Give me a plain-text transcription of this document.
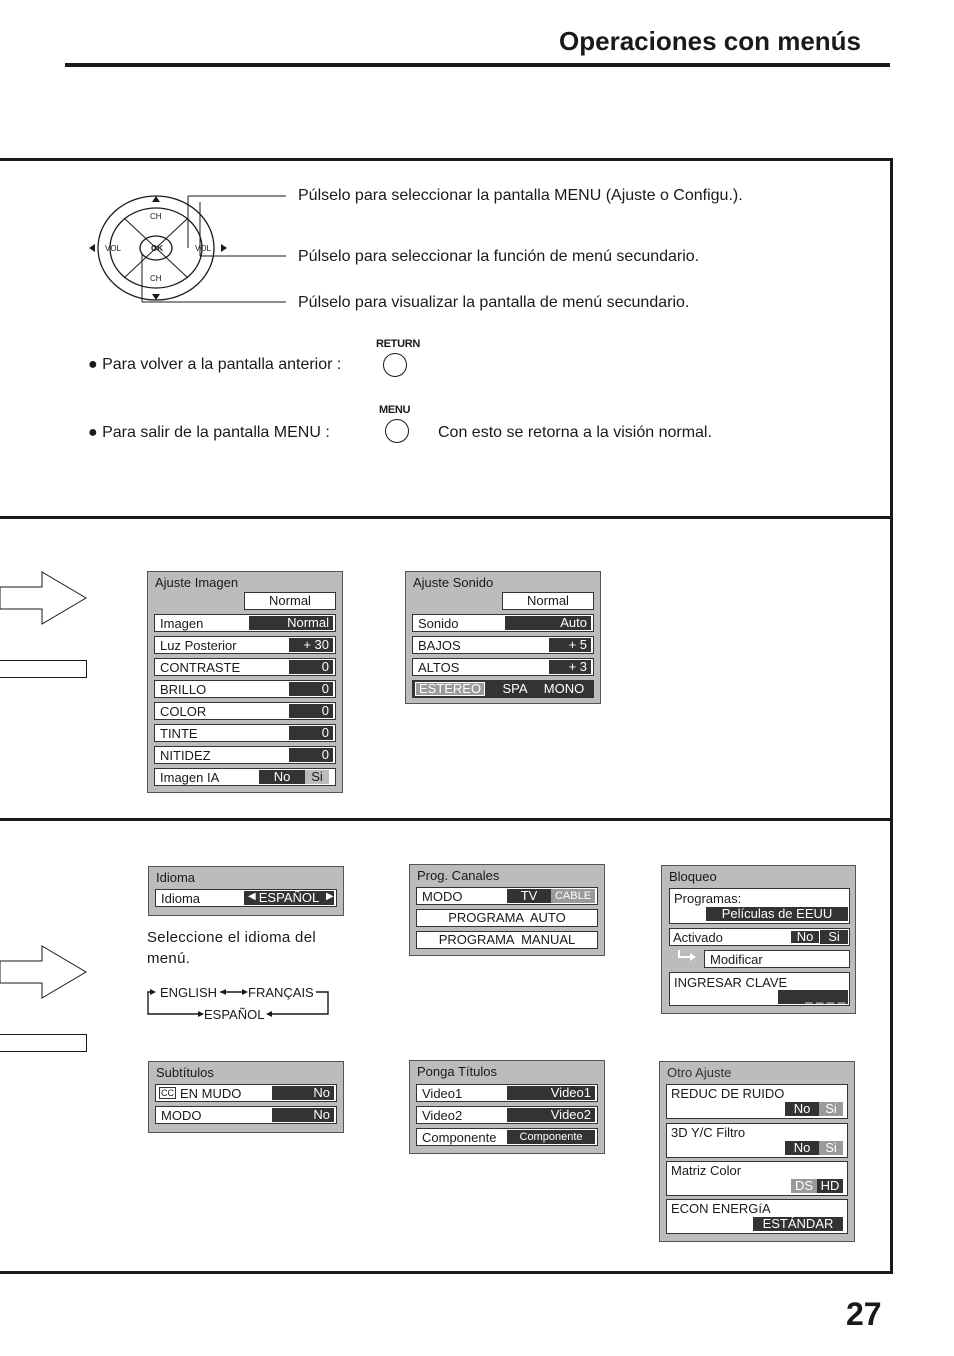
Operaciones con menús
CH
CH
VOL	VOL
OK
Púlselo para seleccionar la pantalla MENU (Ajuste o Configu.).
Púlselo para seleccionar la función de menú secundario.
Púlselo para visualizar la pantalla de menú secundario.
● Para volver a la pantalla anterior :
RETURN
● Para salir de la pantalla MENU :
MENU
Con esto se retorna a la visión normal.
Ajuste Imagen
Normal
Imagen	Normal
Luz Posterior	+ 30
CONTRASTE	0
BRILLO	0
COLOR	0
TINTE	0
NITIDEZ	0
Imagen IA	No	Si
Ajuste Sonido
Normal
Sonido	Auto
BAJOS	+ 5
ALTOS	+ 3
ESTEREO	SPA	MONO
Idioma
Idioma	ESPAÑOL
◀	▶
Seleccione el idioma del menú.
ENGLISH FRANÇAIS
ESPAÑOL
Prog. Canales
MODO	TV	CABLE
PROGRAMA  AUTO
PROGRAMA  MANUAL
Bloqueo
Programas:
Películas de EEUU
Activado	No	Si
Modificar
INGRESAR CLAVE
_ _ _ _
Subtítulos
CC EN MUDO	No
MODO	No
Ponga Títulos
Video1	Video1
Video2	Video2
Componente	Componente
Otro Ajuste
REDUC DE RUIDO
No	Si
3D Y/C Filtro
No	Si
Matriz Color
DS HD
ECON ENERGíA
ESTÁNDAR
27
